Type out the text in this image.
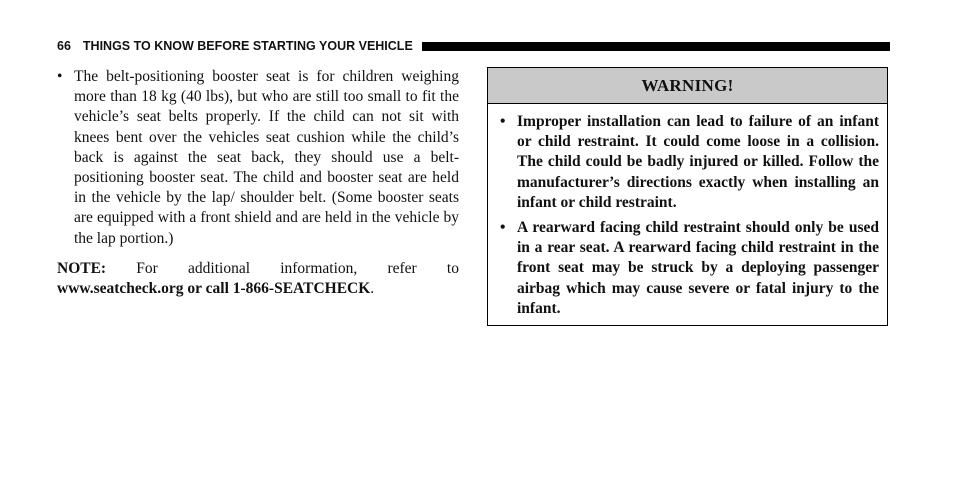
66 THINGS TO KNOW BEFORE STARTING YOUR VEHICLE
• The belt-positioning booster seat is for children weighing more than 18 kg (40 lbs), but who are still too small to fit the vehicle’s seat belts properly. If the child can not sit with knees bent over the vehicles seat cushion while the child’s back is against the seat back, they should use a belt-positioning booster seat. The child and booster seat are held in the vehicle by the lap/ shoulder belt. (Some booster seats are equipped with a front shield and are held in the vehicle by the lap portion.)
NOTE: For additional information, refer to
www.seatcheck.org or call 1-866-SEATCHECK.
WARNING!
• Improper installation can lead to failure of an infant or child restraint. It could come loose in a collision. The child could be badly injured or killed. Follow the manufacturer’s directions exactly when installing an infant or child restraint.
• A rearward facing child restraint should only be used in a rear seat. A rearward facing child restraint in the front seat may be struck by a deploying passenger airbag which may cause severe or fatal injury to the infant.
